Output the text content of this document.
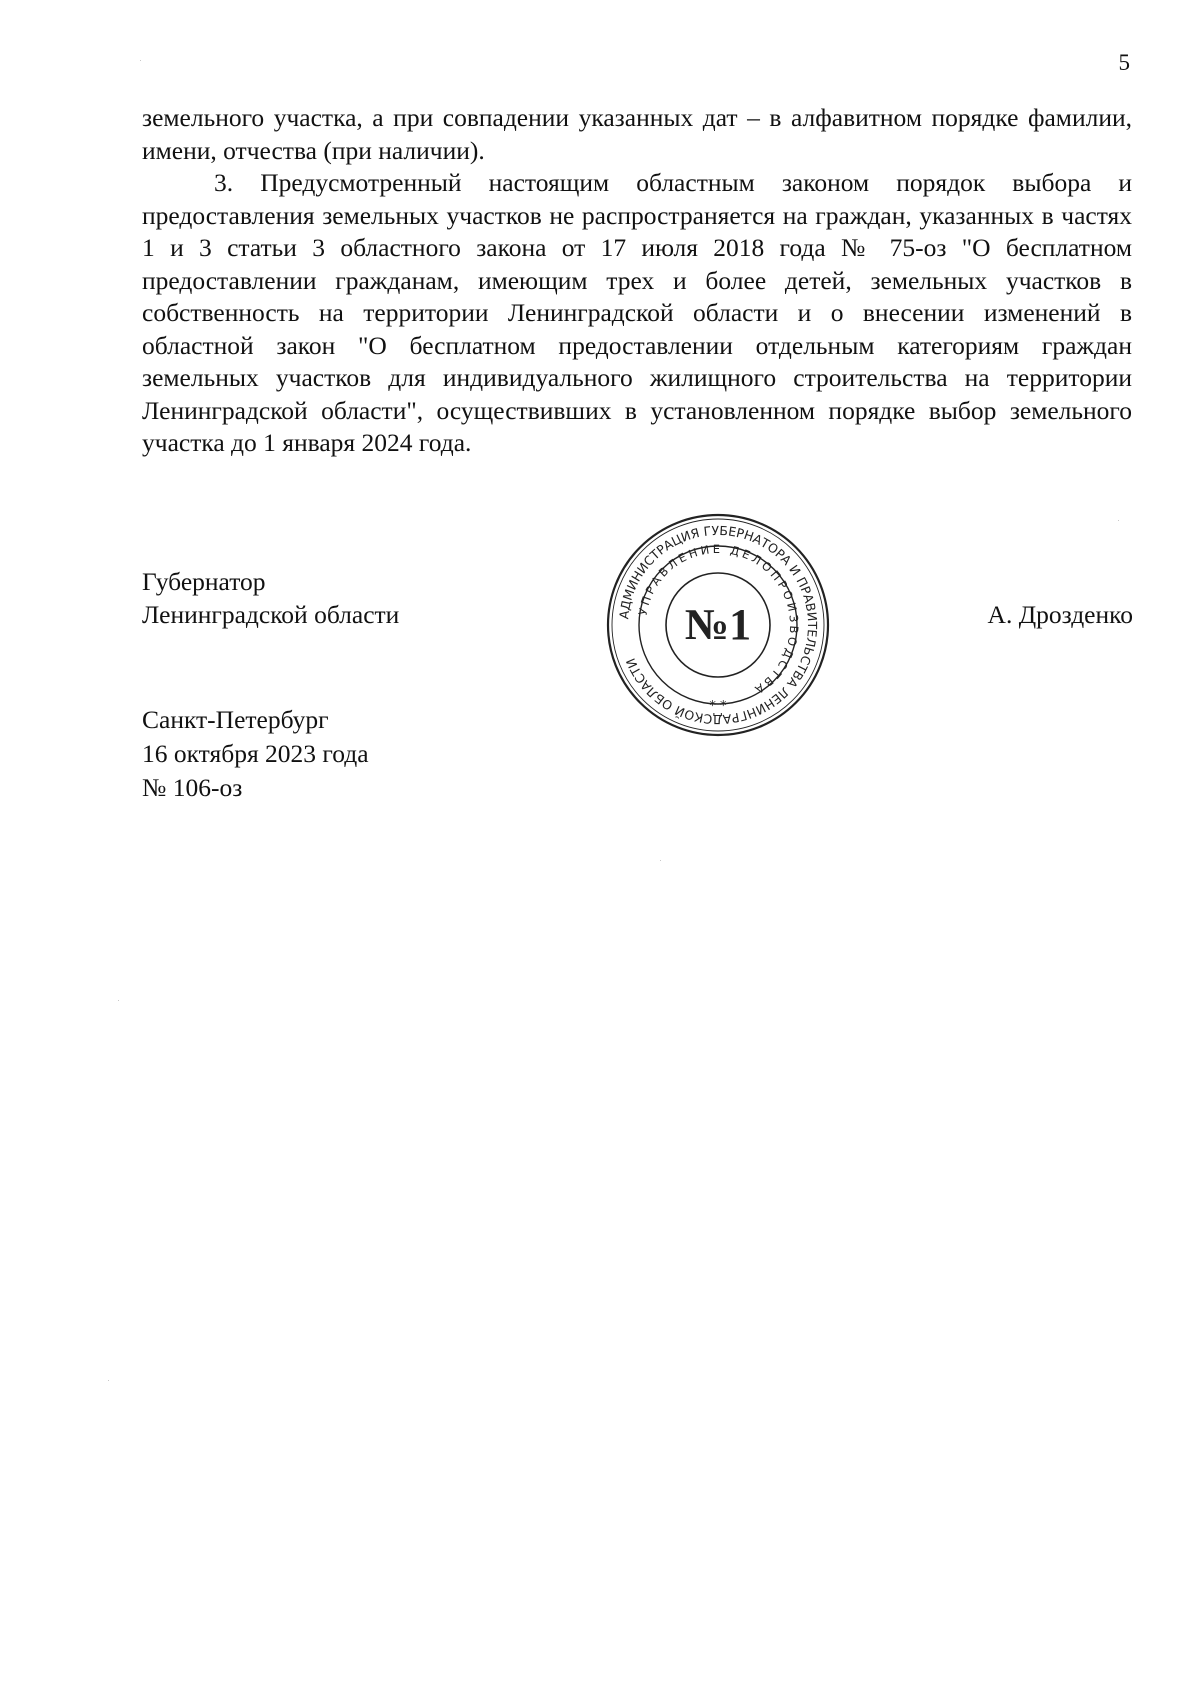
5

земельного участка, а при совпадении указанных дат – в алфавитном порядке фамилии, имени, отчества (при наличии).

3. Предусмотренный настоящим областным законом порядок выбора и предоставления земельных участков не распространяется на граждан, указанных в частях 1 и 3 статьи 3 областного закона от 17 июля 2018 года № 75-оз "О бесплатном предоставлении гражданам, имеющим трех и более детей, земельных участков в собственность на территории Ленинградской области и о внесении изменений в областной закон "О бесплатном предоставлении отдельным категориям граждан земельных участков для индивидуального жилищного строительства на территории Ленинградской области", осуществивших в установленном порядке выбор земельного участка до 1 января 2024 года.

Губернатор
Ленинградской области	А. Дрозденко
АДМИНИСТРАЦИЯ ГУБЕРНАТОРА И ПРАВИТЕЛЬСТВА ЛЕНИНГРАДСКОЙ ОБЛАСТИ
УПРАВЛЕНИЕ ДЕЛОПРОИЗВОДСТВА
№1
* *
Санкт-Петербург
16 октября 2023 года
№ 106-оз
